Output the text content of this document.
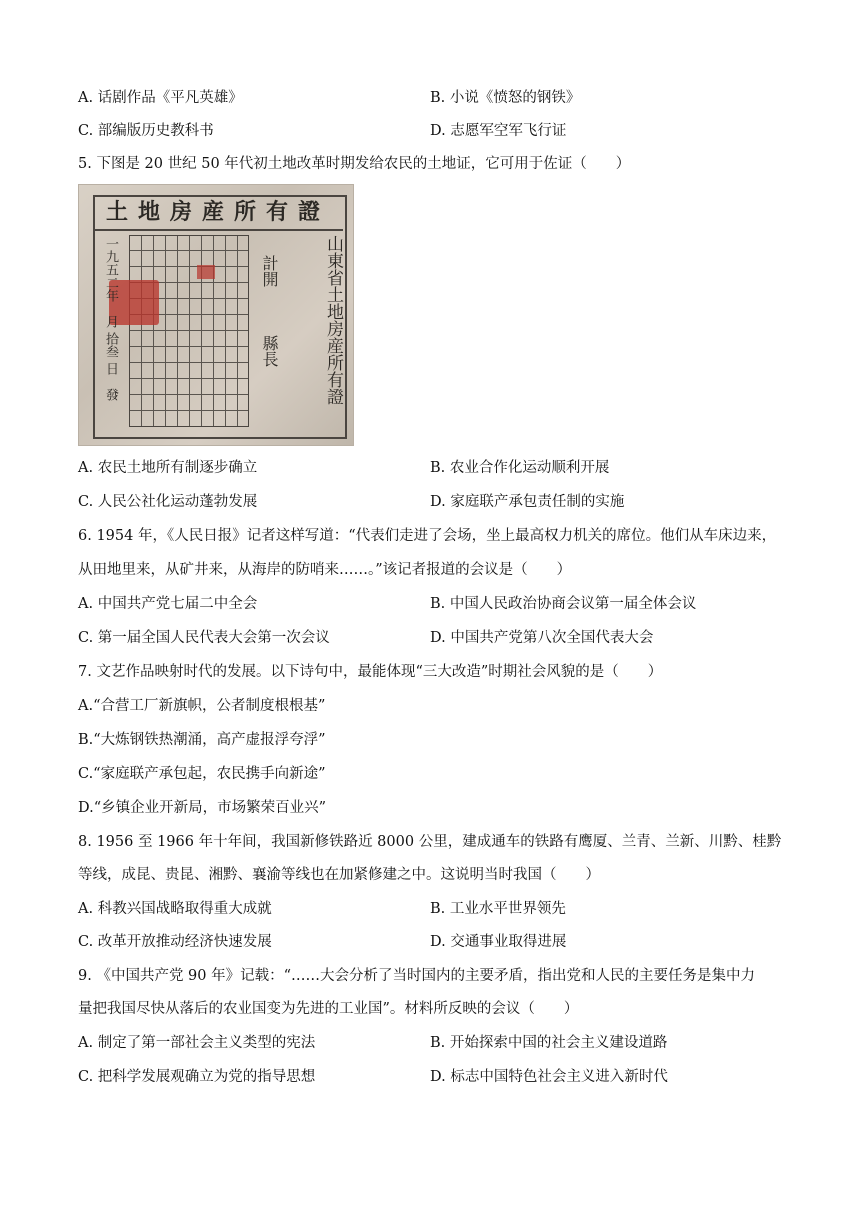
A. 话剧作品《平凡英雄》	B. 小说《愤怒的钢铁》
C. 部编版历史教科书	D. 志愿军空军飞行证
5. 下图是 20 世纪 50 年代初土地改革时期发给农民的土地证，它可用于佐证（　　）
土地房産所有證
一九五二年　月 拾叁 日　發	計開
縣長
　	山東省土地房産所有證
A. 农民土地所有制逐步确立	B. 农业合作化运动顺利开展
C. 人民公社化运动蓬勃发展	D. 家庭联产承包责任制的实施
6. 1954 年，《人民日报》记者这样写道：“代表们走进了会场，坐上最高权力机关的席位。他们从车床边来，
从田地里来，从矿井来，从海岸的防哨来……。”该记者报道的会议是（　　）
A. 中国共产党七届二中全会	B. 中国人民政治协商会议第一届全体会议
C. 第一届全国人民代表大会第一次会议	D. 中国共产党第八次全国代表大会
7. 文艺作品映射时代的发展。以下诗句中，最能体现“三大改造”时期社会风貌的是（　　）
A.“合营工厂新旗帜，公者制度根根基”
B.“大炼钢铁热潮涌，高产虚报浮夸浮”
C.“家庭联产承包起，农民携手向新途”
D.“乡镇企业开新局，市场繁荣百业兴”
8. 1956 至 1966 年十年间，我国新修铁路近 8000 公里，建成通车的铁路有鹰厦、兰青、兰新、川黔、桂黔
等线，成昆、贵昆、湘黔、襄渝等线也在加紧修建之中。这说明当时我国（　　）
A. 科教兴国战略取得重大成就	B. 工业水平世界领先
C. 改革开放推动经济快速发展	D. 交通事业取得进展
9. 《中国共产党 90 年》记载：“……大会分析了当时国内的主要矛盾，指出党和人民的主要任务是集中力
量把我国尽快从落后的农业国变为先进的工业国”。材料所反映的会议（　　）
A. 制定了第一部社会主义类型的宪法	B. 开始探索中国的社会主义建设道路
C. 把科学发展观确立为党的指导思想	D. 标志中国特色社会主义进入新时代
